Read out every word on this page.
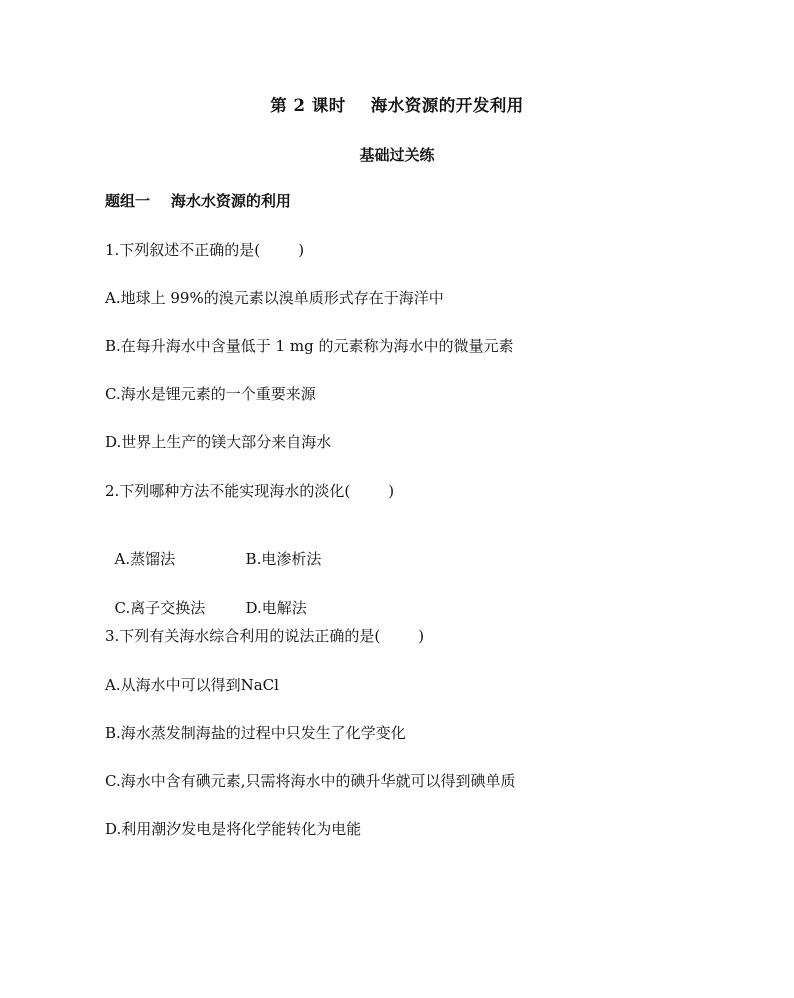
第 2 课时    海水资源的开发利用
基础过关练
题组一    海水水资源的利用
1.下列叙述不正确的是(        )
A.地球上 99%的溴元素以溴单质形式存在于海洋中
B.在每升海水中含量低于 1 mg 的元素称为海水中的微量元素
C.海水是锂元素的一个重要来源
D.世界上生产的镁大部分来自海水
2.下列哪种方法不能实现海水的淡化(        )

A.蒸馏法	B.电渗析法

C.离子交换法	D.电解法

3.下列有关海水综合利用的说法正确的是(        )
A.从海水中可以得到NaCl
B.海水蒸发制海盐的过程中只发生了化学变化
C.海水中含有碘元素,只需将海水中的碘升华就可以得到碘单质
D.利用潮汐发电是将化学能转化为电能
